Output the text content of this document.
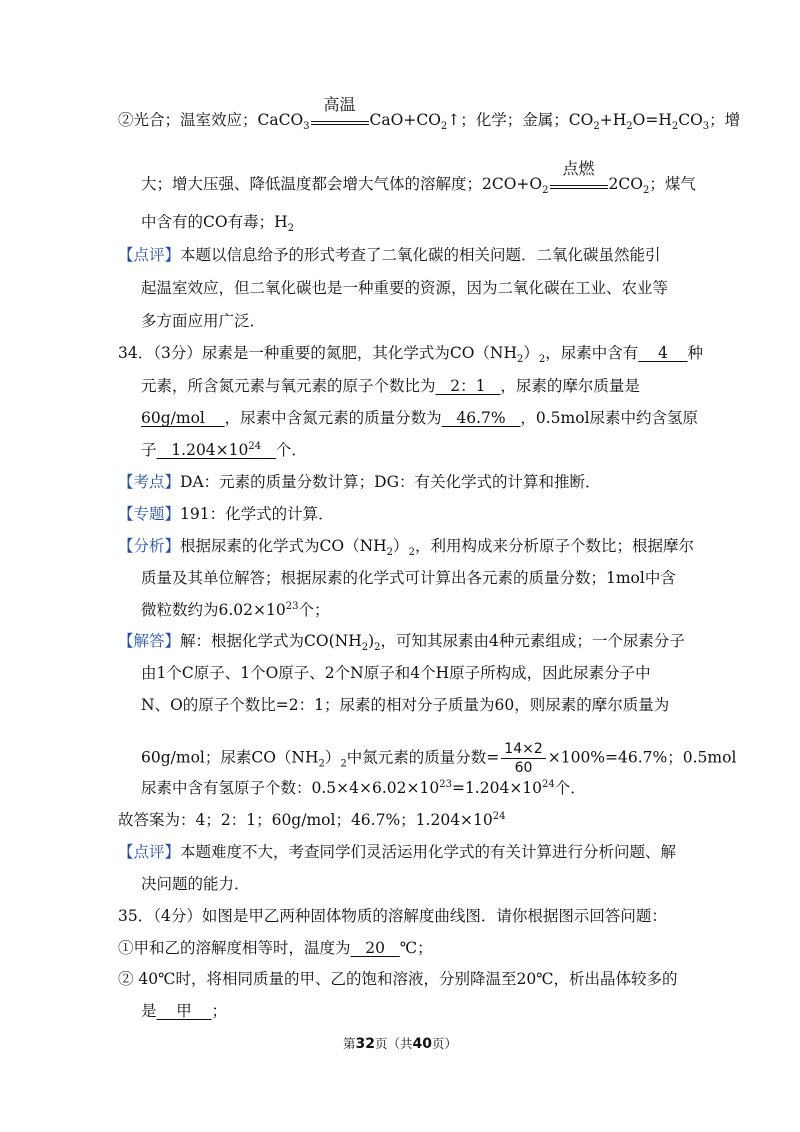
②光合；温室效应；CaCO$_3$
高温
$CaO+CO_2↑$；化学；金属；$CO_2+H_2O=H_2CO_3$；增
大；增大压强、降低温度都会增大气体的溶解度；$2CO+O_2$
点燃
$2CO_2$；煤气
中含有的CO有毒；$H_2$
【点评】本题以信息给予的形式考查了二氧化碳的相关问题．二氧化碳虽然能引
起温室效应，但二氧化碳也是一种重要的资源，因为二氧化碳在工业、农业等
多方面应用广泛．
34．（3分）尿素是一种重要的氮肥，其化学式为$CO(NH_2)_2$，尿素中含有    4    种
元素，所含氮元素与氧元素的原子个数比为   2：1   ，尿素的摩尔质量是
60g/mol    ，尿素中含氮元素的质量分数为   46.7%   ，0.5mol尿素中约含氢原
子   $1.204\times 10^{24}$ 个．
【考点】DA：元素的质量分数计算；DG：有关化学式的计算和推断．
【专题】191：化学式的计算．
【分析】根据尿素的化学式为$CO(NH_2)_2$，利用构成来分析原子个数比；根据摩尔
质量及其单位解答；根据尿素的化学式可计算出各元素的质量分数；1mol中含
微粒数约为$6.02\times 10^{23}$个；
【解答】解：根据化学式为$CO(NH_2)_2$，可知其尿素由4种元素组成；一个尿素分子
由1个C原子、1个O原子、2个N原子和4个H原子所构成，因此尿素分子中
N、O的原子个数比=2：1；尿素的相对分子质量为60，则尿素的摩尔质量为
60g/mol；尿素$CO(NH_2)_2$中氮元素的质量分数= $\frac{14\times 2}{60} \times 100\%=46.7\%$；0.5mol
尿素中含有氢原子个数：$0.5\times 4\times 6.02\times 10^{23}=1.204\times 10^{24}$个．
故答案为：4；2：1；60g/mol；46.7%；$1.204\times 10^{24}$
【点评】本题难度不大，考查同学们灵活运用化学式的有关计算进行分析问题、解
决问题的能力．
35．（4分）如图是甲乙两种固体物质的溶解度曲线图．请你根据图示回答问题：
①甲和乙的溶解度相等时，温度为   20   ℃；
② 40℃时，将相同质量的甲、乙的饱和溶液，分别降温至20℃，析出晶体较多的
是    甲    ；
第32页（共40页）
